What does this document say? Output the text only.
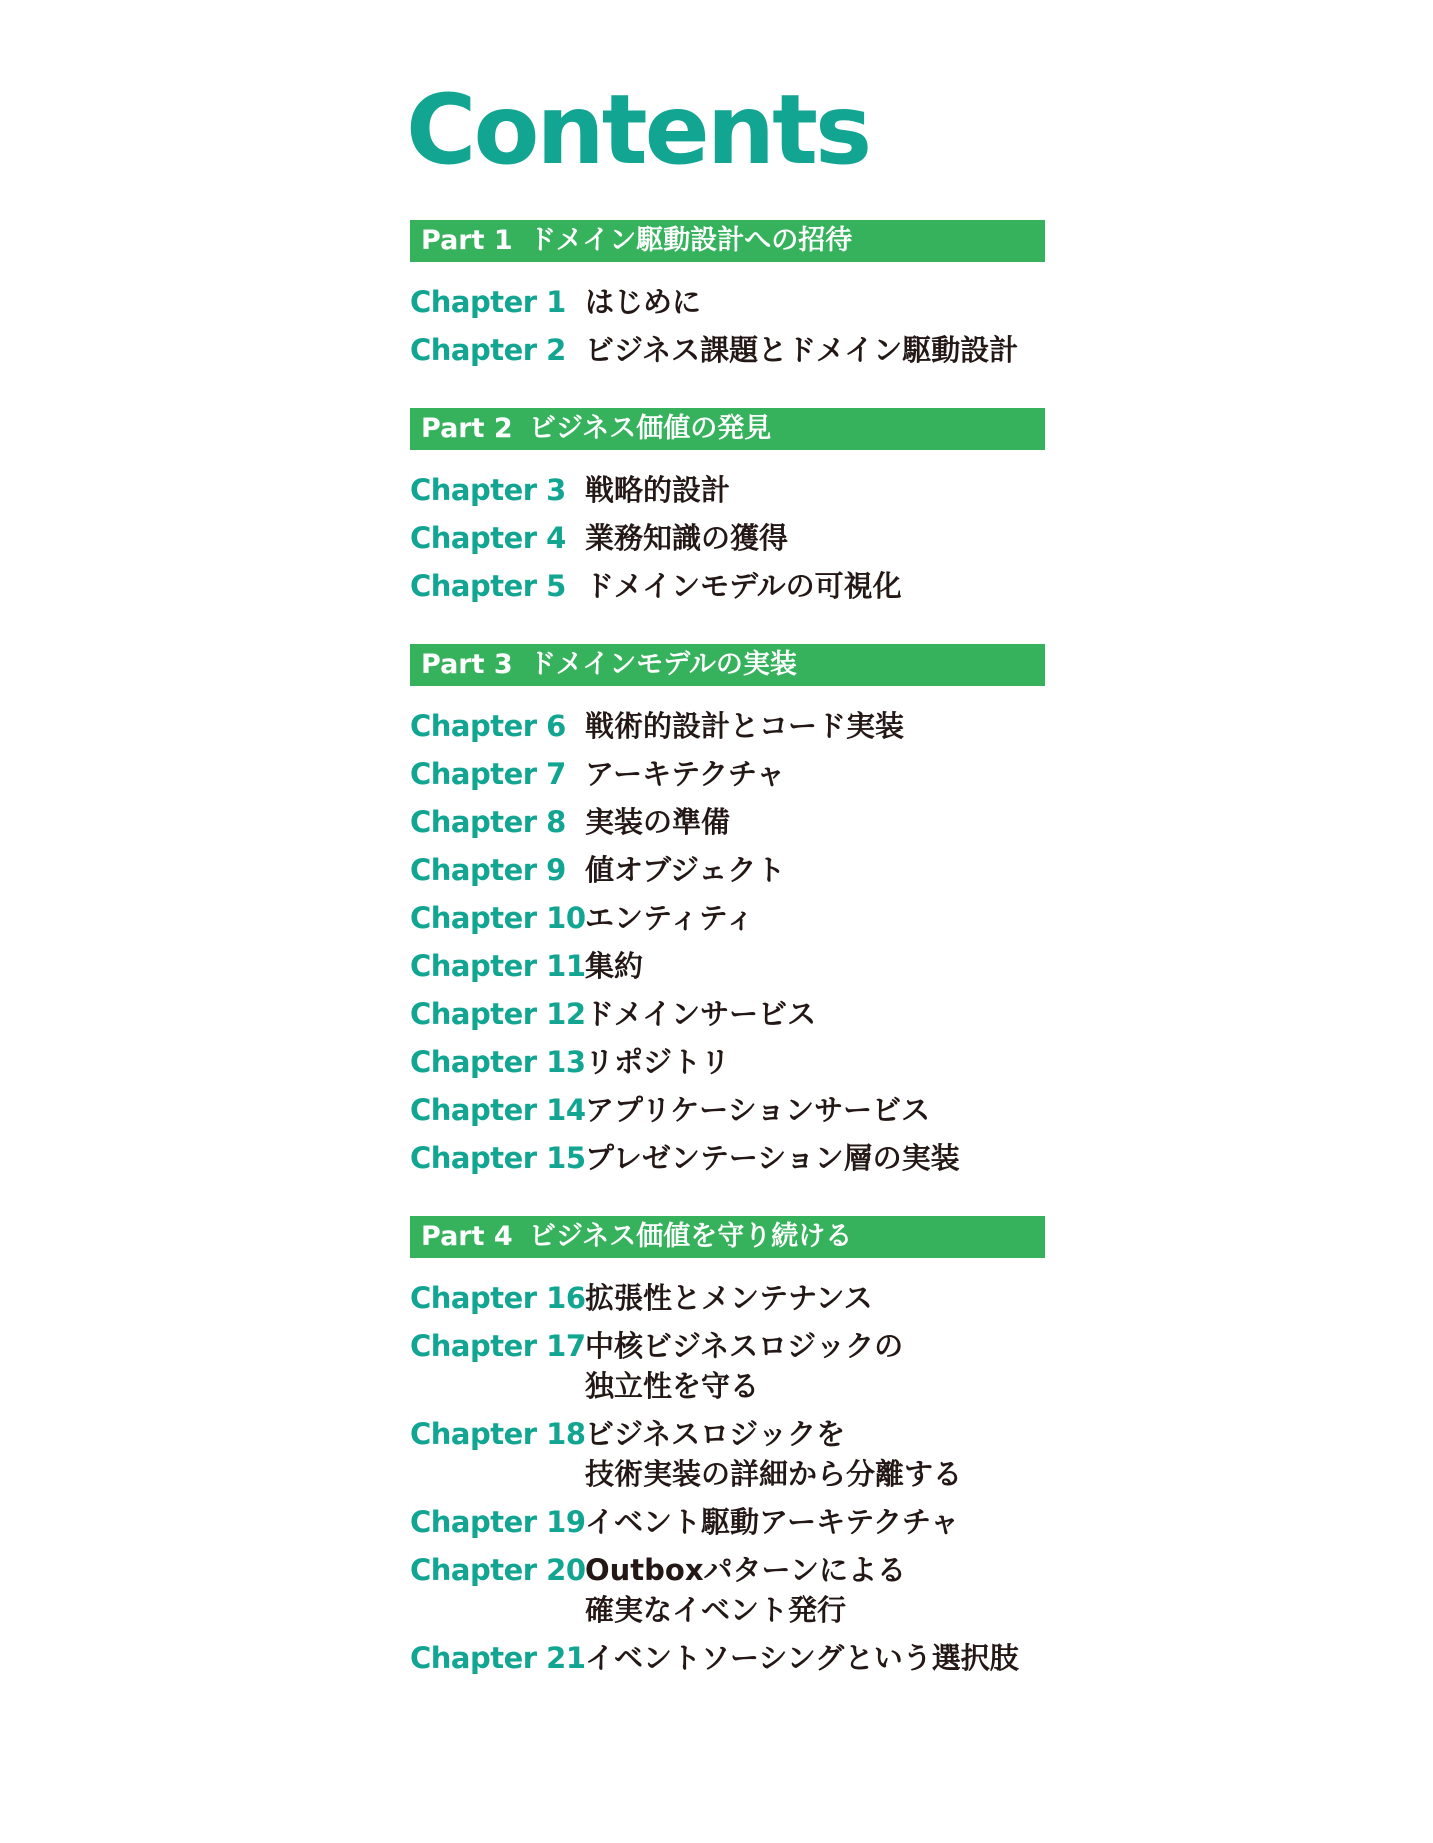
Contents
Part 1 ドメイン駆動設計への招待
Chapter 1 はじめに
Chapter 2 ビジネス課題とドメイン駆動設計
Part 2 ビジネス価値の発見
Chapter 3 戦略的設計
Chapter 4 業務知識の獲得
Chapter 5 ドメインモデルの可視化
Part 3 ドメインモデルの実装
Chapter 6 戦術的設計とコード実装
Chapter 7 アーキテクチャ
Chapter 8 実装の準備
Chapter 9 値オブジェクト
Chapter 10 エンティティ
Chapter 11 集約
Chapter 12 ドメインサービス
Chapter 13 リポジトリ
Chapter 14 アプリケーションサービス
Chapter 15 プレゼンテーション層の実装
Part 4 ビジネス価値を守り続ける
Chapter 16 拡張性とメンテナンス
Chapter 17 中核ビジネスロジックの
独立性を守る
Chapter 18 ビジネスロジックを
技術実装の詳細から分離する
Chapter 19 イベント駆動アーキテクチャ
Chapter 20 Outboxパターンによる
確実なイベント発行
Chapter 21 イベントソーシングという選択肢
